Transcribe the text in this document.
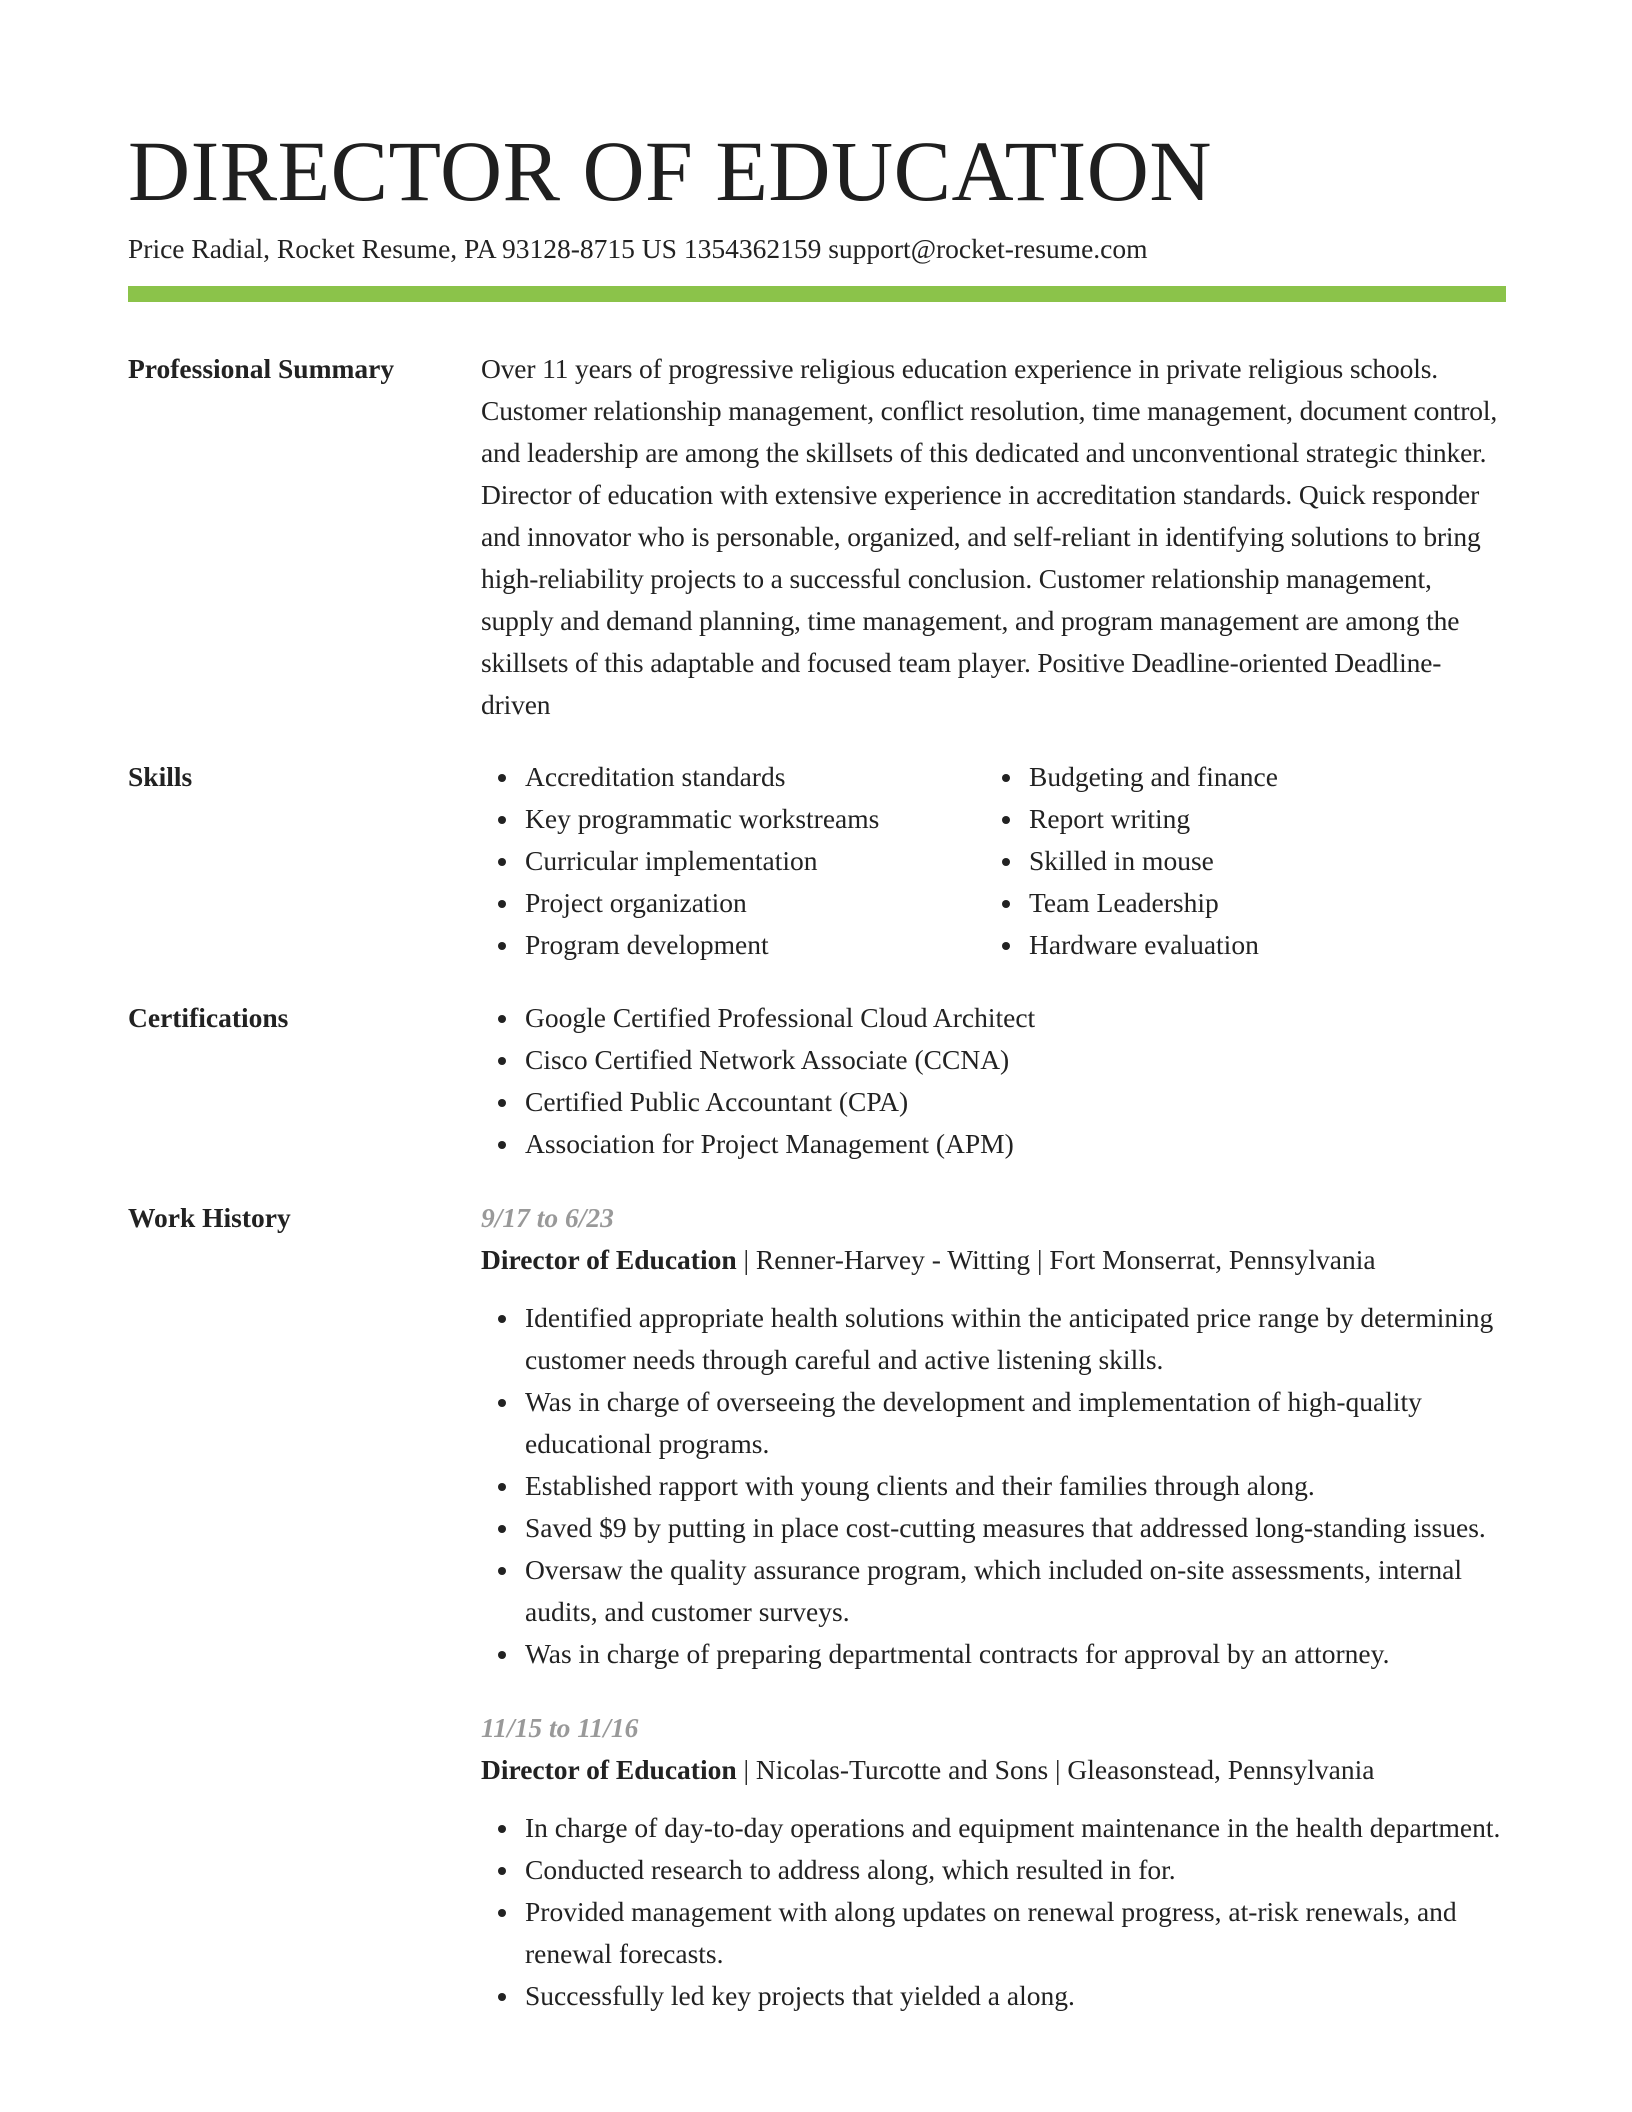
DIRECTOR OF EDUCATION
Price Radial, Rocket Resume, PA 93128-8715 US 1354362159 support@rocket-resume.com
Professional Summary	Over 11 years of progressive religious education experience in private religious schools. Customer relationship management, conflict resolution, time management, document control, and leadership are among the skillsets of this dedicated and unconventional strategic thinker. Director of education with extensive experience in accreditation standards. Quick responder and innovator who is personable, organized, and self-reliant in identifying solutions to bring high-reliability projects to a successful conclusion. Customer relationship management, supply and demand planning, time management, and program management are among the skillsets of this adaptable and focused team player. Positive Deadline-oriented Deadline-driven

Skills	Accreditation standards
Key programmatic workstreams
Curricular implementation
Project organization
Program development
Budgeting and finance
Report writing
Skilled in mouse
Team Leadership
Hardware evaluation
Certifications	Google Certified Professional Cloud Architect
Cisco Certified Network Associate (CCNA)
Certified Public Accountant (CPA)
Association for Project Management (APM)
Work History	9/17 to 6/23
Director of Education | Renner-Harvey - Witting | Fort Monserrat, Pennsylvania
Identified appropriate health solutions within the anticipated price range by determining customer needs through careful and active listening skills.
Was in charge of overseeing the development and implementation of high-quality educational programs.
Established rapport with young clients and their families through along.
Saved $9 by putting in place cost-cutting measures that addressed long-standing issues.
Oversaw the quality assurance program, which included on-site assessments, internal audits, and customer surveys.
Was in charge of preparing departmental contracts for approval by an attorney.
11/15 to 11/16
Director of Education | Nicolas-Turcotte and Sons | Gleasonstead, Pennsylvania
In charge of day-to-day operations and equipment maintenance in the health department.
Conducted research to address along, which resulted in for.
Provided management with along updates on renewal progress, at-risk renewals, and renewal forecasts.
Successfully led key projects that yielded a along.
